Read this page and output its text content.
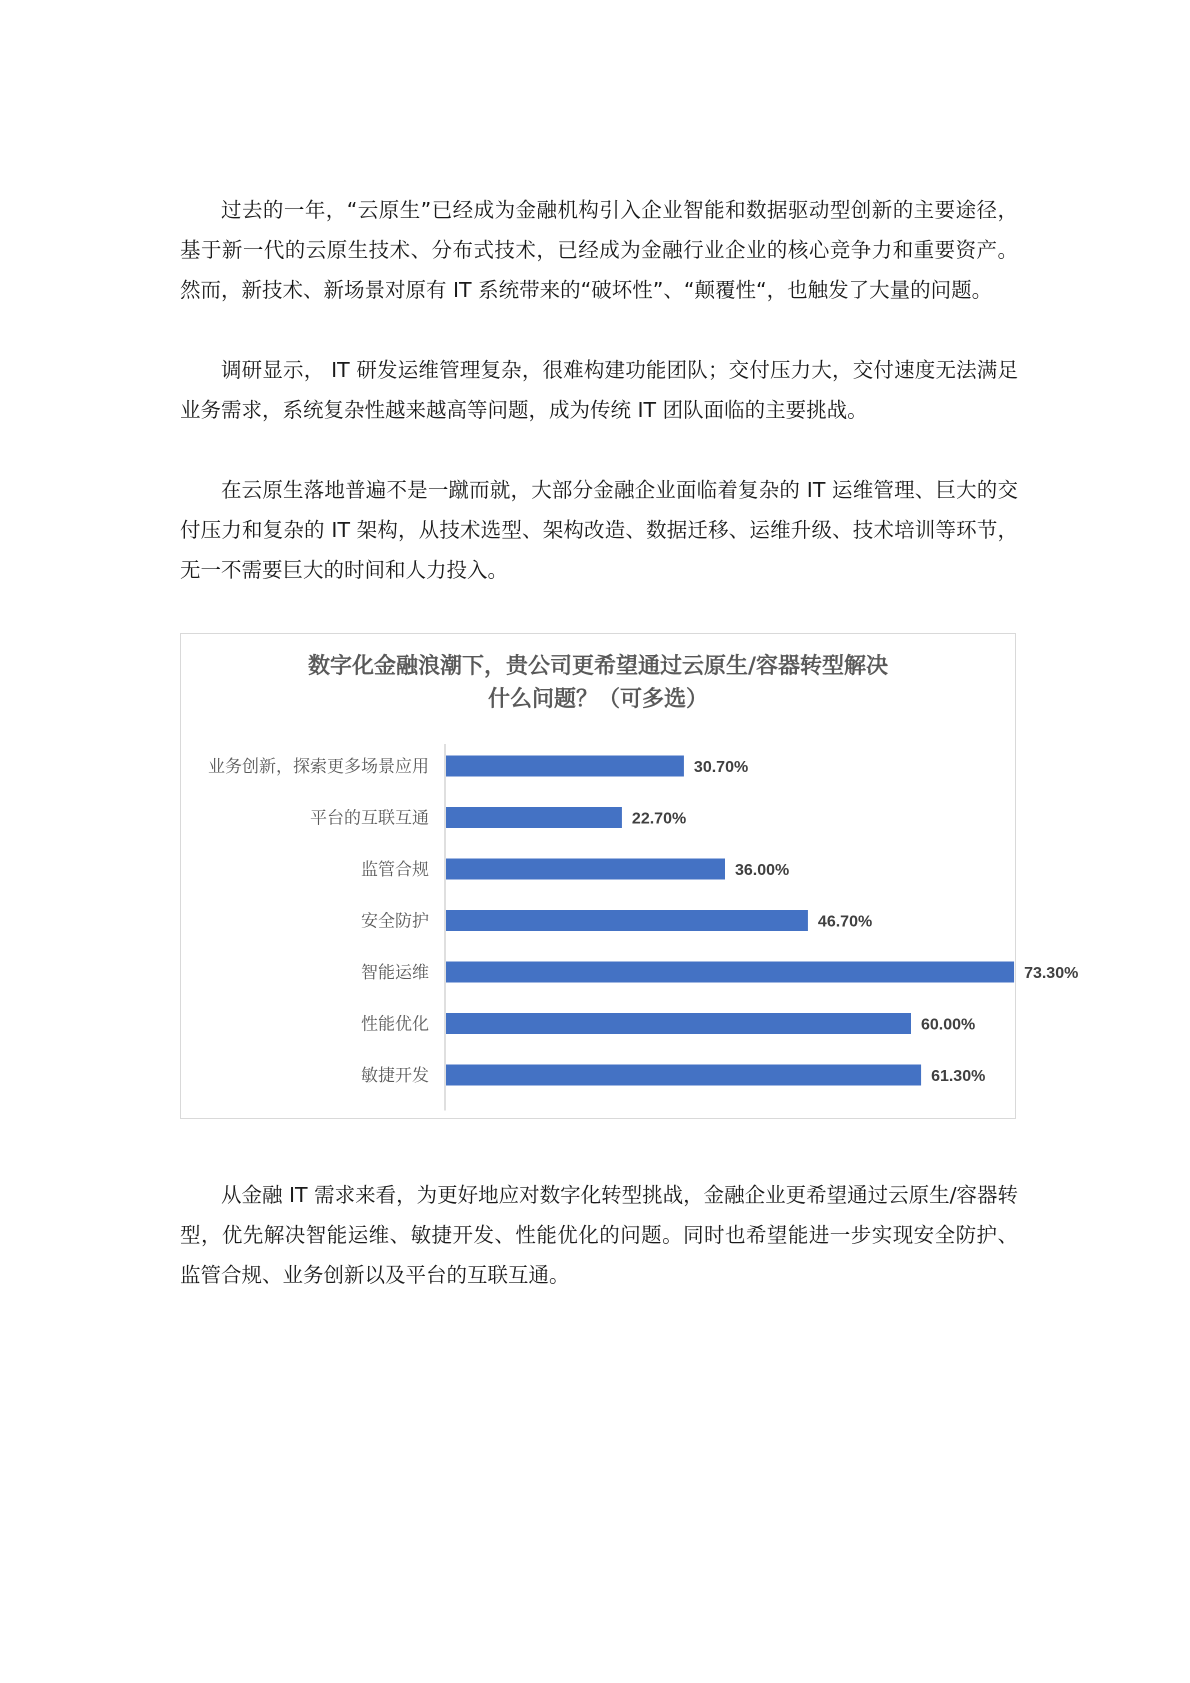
过去的一年，“云原生”已经成为金融机构引入企业智能和数据驱动型创新的主要途径，基于新一代的云原生技术、分布式技术，已经成为金融行业企业的核心竞争力和重要资产。然而，新技术、新场景对原有 IT 系统带来的“破坏性”、“颠覆性“，也触发了大量的问题。

调研显示， IT 研发运维管理复杂，很难构建功能团队；交付压力大，交付速度无法满足业务需求，系统复杂性越来越高等问题，成为传统 IT 团队面临的主要挑战。

在云原生落地普遍不是一蹴而就，大部分金融企业面临着复杂的 IT 运维管理、巨大的交付压力和复杂的 IT 架构，从技术选型、架构改造、数据迁移、运维升级、技术培训等环节，无一不需要巨大的时间和人力投入。

数字化金融浪潮下，贵公司更希望通过云原生/容器转型解决
什么问题？（可多选）
业务创新，探索更多场景应用	30.70%
平台的互联互通	22.70%
监管合规	36.00%
安全防护	46.70%
智能运维	73.30%
性能优化	60.00%
敏捷开发	61.30%

从金融 IT 需求来看，为更好地应对数字化转型挑战，金融企业更希望通过云原生/容器转型，优先解决智能运维、敏捷开发、性能优化的问题。同时也希望能进一步实现安全防护、监管合规、业务创新以及平台的互联互通。
